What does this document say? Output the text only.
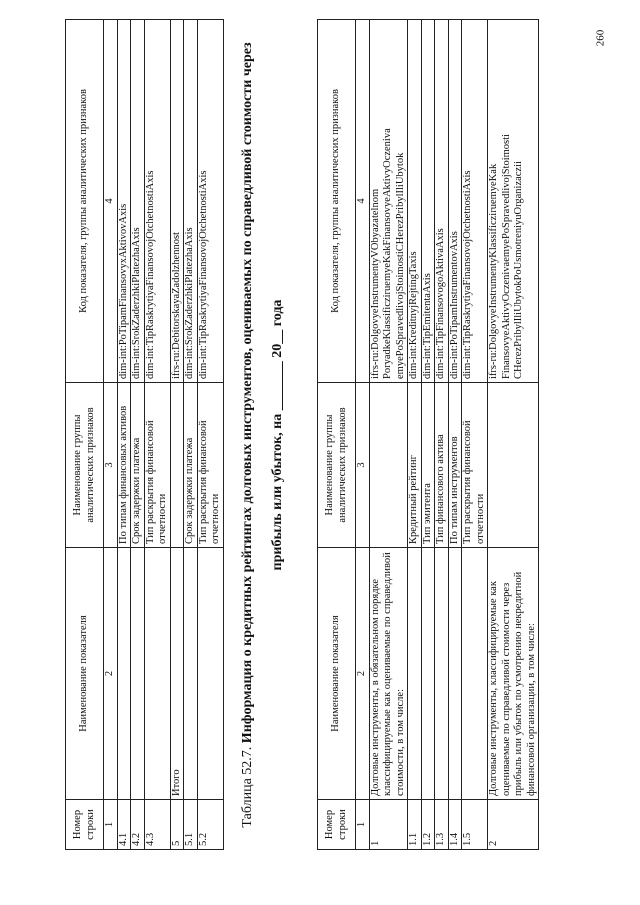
260
Номер строки	Наименование показателя	Наименование группы аналитических признаков	Код показателя, группы аналитических признаков
1	2	3	4
4.1		По типам финансовых активов	dim-int:PoTipamFinansovyxAktivovAxis
4.2		Срок задержки платежа	dim-int:SrokZaderzhkiPlatezhaAxis
4.3		Тип раскрытия финансовой отчетности	dim-int:TipRaskrytiyaFinansovojOtchetnostiAxis
5	Итого		ifrs-ru:DebitorskayaZadolzhennost
5.1		Срок задержки платежа	dim-int:SrokZaderzhkiPlatezhaAxis
5.2		Тип раскрытия финансовой отчетности	dim-int:TipRaskrytiyaFinansovojOtchetnostiAxis
Таблица 52.7. Информация о кредитных рейтингах долговых инструментов, оцениваемых по справедливой стоимости через прибыль или убыток, на _______ 20__ года
Номер строки	Наименование показателя	Наименование группы аналитических признаков	Код показателя, группы аналитических признаков
1	2	3	4
1	Долговые инструменты, в обязательном порядке классифицируемые как оцениваемые по справедливой стоимости, в том числе:		ifrs-ru:DolgovyeInstrumentyVObyazatelnom PoryadkeKlassificziruemyeKakFinansovyeAktivyOczeniva emyePoSpravedlivojStoimostiCHerezPribylIliUbytok
1.1		Кредитный рейтинг	dim-int:KreditnyjRejtingTaxis
1.2		Тип эмитента	dim-int:TipEmitentaAxis
1.3		Тип финансового актива	dim-int:TipFinansovogoAktivaAxis
1.4		По типам инструментов	dim-int:PoTipamInstrumentovAxis
1.5		Тип раскрытия финансовой отчетности	dim-int:TipRaskrytiyaFinansovojOtchetnostiAxis
2	Долговые инструменты, классифицируемые как оцениваемые по справедливой стоимости через прибыль или убыток по усмотрению некредитной финансовой организации, в том числе:		ifrs-ru:DolgovyeInstrumentyKlassificziruemyeKak FinansovyeAktivyOczenivaemyePoSpravedlivojStoimosti CHerezPribylIliUbytokPoUsmotreniyuOrganizaczii
